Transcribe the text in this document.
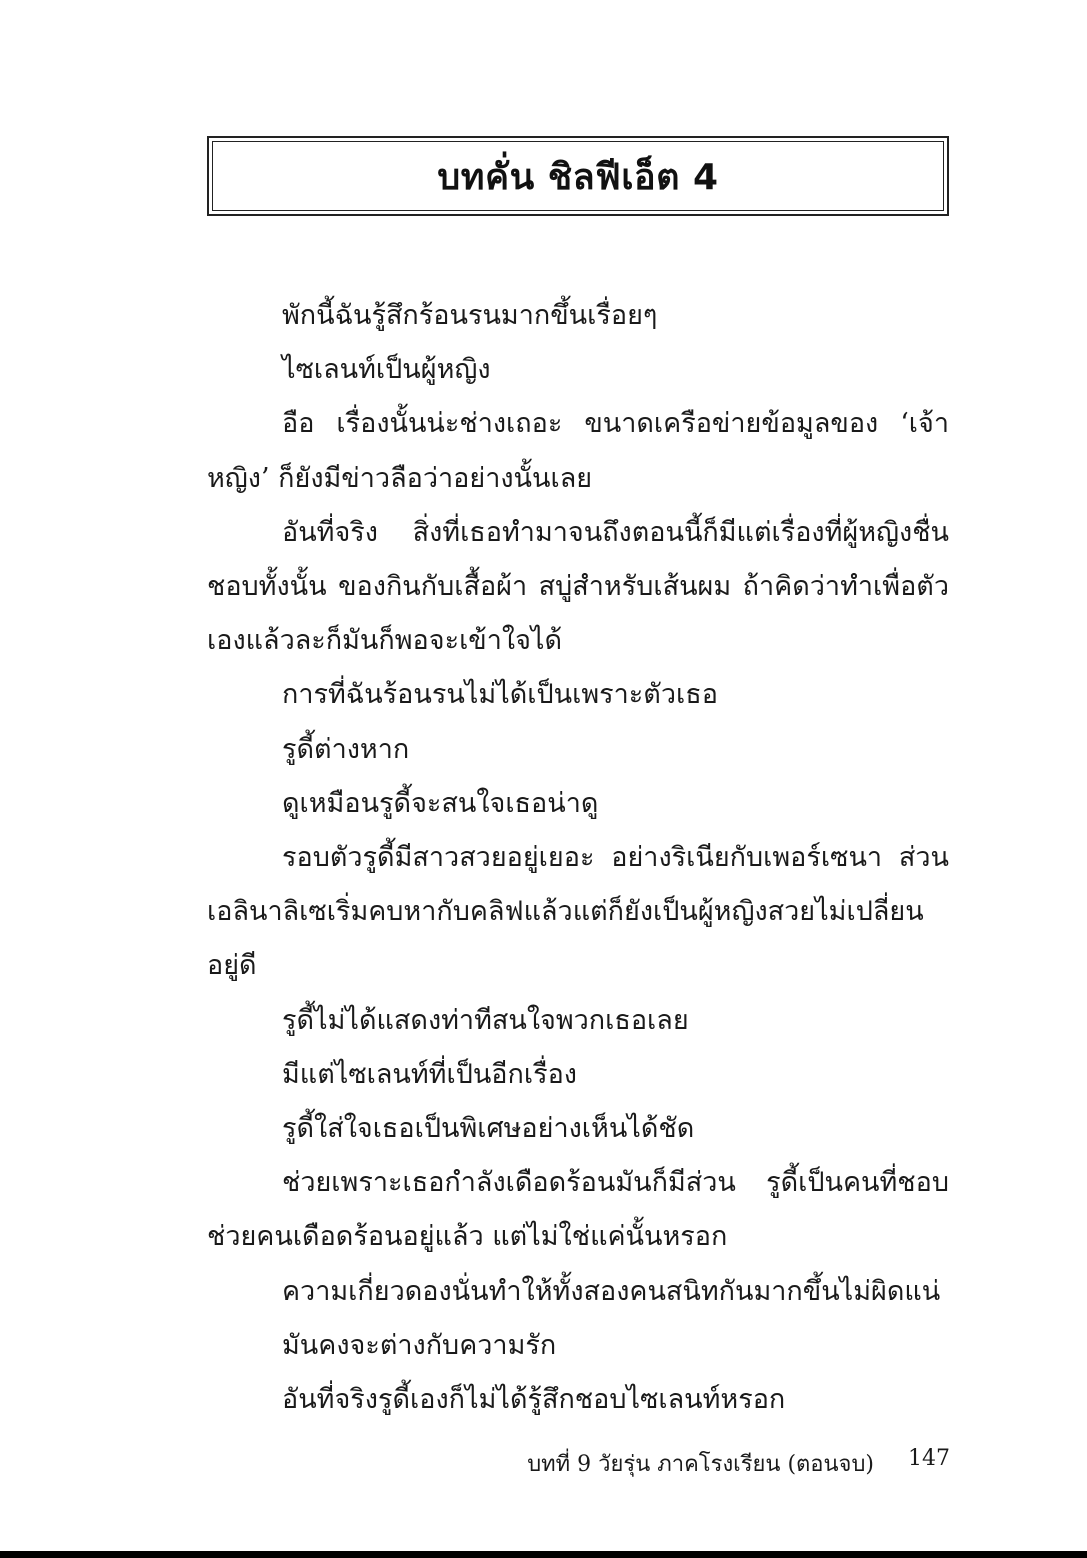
บทคั่น ชิลฟีเอ็ต 4

พักนี้ฉันรู้สึกร้อนรนมากขึ้นเรื่อยๆ

ไซเลนท์เป็นผู้หญิง

อือ เรื่องนั้นน่ะช่างเถอะ ขนาดเครือข่ายข้อมูลของ ‘เจ้าหญิง’ ก็ยังมีข่าวลือว่าอย่างนั้นเลย

อันที่จริง สิ่งที่เธอทำมาจนถึงตอนนี้ก็มีแต่เรื่องที่ผู้หญิงชื่นชอบทั้งนั้น ของกินกับเสื้อผ้า สบู่สำหรับเส้นผม ถ้าคิดว่าทำเพื่อตัวเองแล้วละก็มันก็พอจะเข้าใจได้

การที่ฉันร้อนรนไม่ได้เป็นเพราะตัวเธอ

รูดี้ต่างหาก

ดูเหมือนรูดี้จะสนใจเธอน่าดู

รอบตัวรูดี้มีสาวสวยอยู่เยอะ อย่างริเนียกับเพอร์เซนา ส่วนเอลินาลิเซเริ่มคบหากับคลิฟแล้วแต่ก็ยังเป็นผู้หญิงสวยไม่เปลี่ยนอยู่ดี

รูดี้ไม่ได้แสดงท่าทีสนใจพวกเธอเลย

มีแต่ไซเลนท์ที่เป็นอีกเรื่อง

รูดี้ใส่ใจเธอเป็นพิเศษอย่างเห็นได้ชัด

ช่วยเพราะเธอกำลังเดือดร้อนมันก็มีส่วน รูดี้เป็นคนที่ชอบช่วยคนเดือดร้อนอยู่แล้ว แต่ไม่ใช่แค่นั้นหรอก

ความเกี่ยวดองนั่นทำให้ทั้งสองคนสนิทกันมากขึ้นไม่ผิดแน่

มันคงจะต่างกับความรัก

อันที่จริงรูดี้เองก็ไม่ได้รู้สึกชอบไซเลนท์หรอก

บทที่ 9 วัยรุ่น ภาคโรงเรียน (ตอนจบ) 147
